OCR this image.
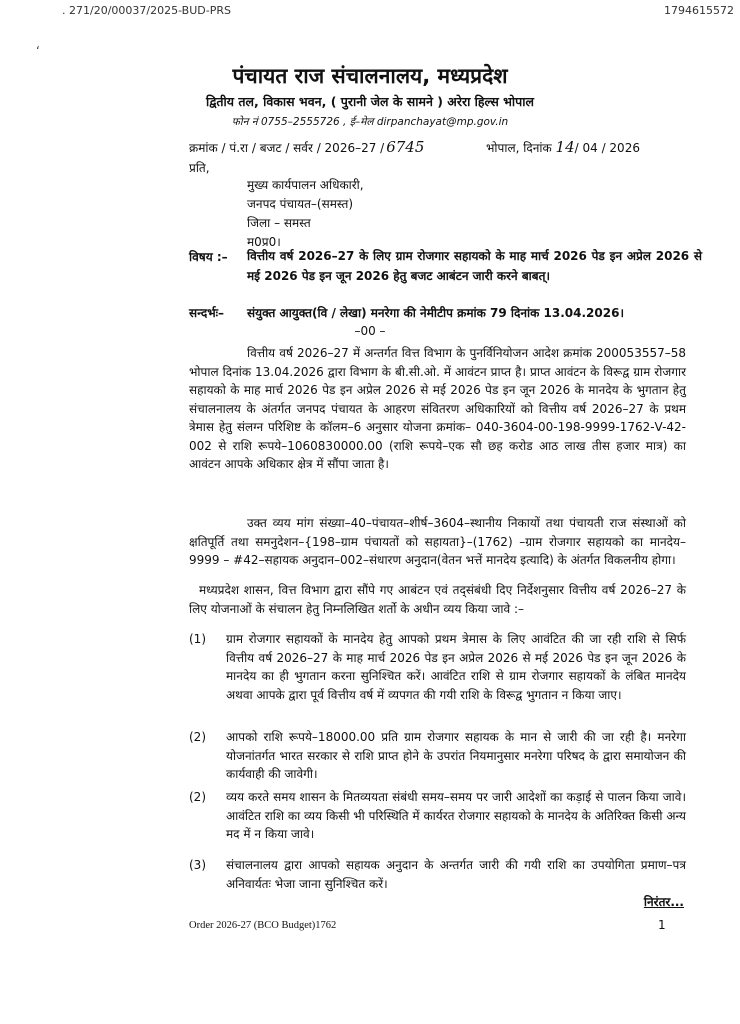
. 271/20/00037/2025-BUD-PRS	1794615572
ʻ
पंचायत राज संचालनालय, मध्यप्रदेश
द्वितीय तल, विकास भवन, ( पुरानी जेल के सामने ) अरेरा हिल्स भोपाल
फोन नं 0755–2555726 , ई–मेल dirpanchayat@mp.gov.in
क्रमांक / पं.रा / बजट / सर्वर / 2026–27 / 6745	भोपाल, दिनांक 14/ 04 / 2026
प्रति,
मुख्य कार्यपालन अधिकारी,
जनपद पंचायत–(समस्त)
जिला – समस्त
म0प्र0।
विषय :– वित्तीय वर्ष 2026–27 के लिए ग्राम रोजगार सहायको के माह मार्च 2026 पेड इन अप्रेल 2026 से मई 2026 पेड इन जून 2026 हेतु बजट आबंटन जारी करने बाबत्।
सन्दर्भः– संयुक्त आयुक्त(वि / लेखा) मनरेगा की नेमीटीप क्रमांक 79 दिनांक 13.04.2026।
–00 –
वित्तीय वर्ष 2026–27 में अन्तर्गत वित्त विभाग के पुनर्विनियोजन आदेश क्रमांक 200053557–58 भोपाल दिनांक 13.04.2026 द्वारा विभाग के बी.सी.ओ. में आवंटन प्राप्त है। प्राप्त आवंटन के विरूद्व ग्राम रोजगार सहायको के माह मार्च 2026 पेड इन अप्रेल 2026 से मई 2026 पेड इन जून 2026 के मानदेय के भुगतान हेतु संचालनालय के अंतर्गत जनपद पंचायत के आहरण संवितरण अधिकारियों को वित्तीय वर्ष 2026–27 के प्रथम त्रेमास हेतु संलग्न परिशिष्ट के कॉलम–6 अनुसार योजना क्रमांक– 040-3604-00-198-9999-1762-V-42-002 से राशि रूपये–1060830000.00 (राशि रूपये–एक सौ छह करोड आठ लाख तीस हजार मात्र) का आवंटन आपके अधिकार क्षेत्र में सौंपा जाता है।
उक्त व्यय मांग संख्या–40–पंचायत–शीर्ष–3604–स्थानीय निकायों तथा पंचायती राज संस्थाओं को क्षतिपूर्ति तथा समनुदेशन–{198–ग्राम पंचायतों को सहायता}–(1762) –ग्राम रोजगार सहायको का मानदेय–9999 – #42–सहायक अनुदान–002–संधारण अनुदान(वेतन भत्तें मानदेय इत्यादि) के अंतर्गत विकलनीय होगा।
मध्यप्रदेश शासन, वित्त विभाग द्वारा सौंपे गए आबंटन एवं तद्संबंधी दिए निर्देशनुसार वित्तीय वर्ष 2026–27 के लिए योजनाओं के संचालन हेतु निम्नलिखित शर्तो के अधीन व्यय किया जावे :–
(1) ग्राम रोजगार सहायकों के मानदेय हेतु आपको प्रथम त्रेमास के लिए आवंटित की जा रही राशि से सिर्फ वित्तीय वर्ष 2026–27 के माह मार्च 2026 पेड इन अप्रेल 2026 से मई 2026 पेड इन जून 2026 के मानदेय का ही भुगतान करना सुनिश्चित करें। आवंटित राशि से ग्राम रोजगार सहायकों के लंबित मानदेय अथवा आपके द्वारा पूर्व वित्तीय वर्ष में व्यपगत की गयी राशि के विरूद्व भुगतान न किया जाए।
(2) आपको राशि रूपये–18000.00 प्रति ग्राम रोजगार सहायक के मान से जारी की जा रही है। मनरेगा योजनांतर्गत भारत सरकार से राशि प्राप्त होने के उपरांत नियमानुसार मनरेगा परिषद के द्वारा समायोजन की कार्यवाही की जावेगी।
(2) व्यय करते समय शासन के मितव्ययता संबंधी समय–समय पर जारी आदेशों का कड़ाई से पालन किया जावे। आवंटित राशि का व्यय किसी भी परिस्थिति में कार्यरत रोजगार सहायको के मानदेय के अतिरिक्त किसी अन्य मद में न किया जावे।
(3) संचालनालय द्वारा आपको सहायक अनुदान के अन्तर्गत जारी की गयी राशि का उपयोगिता प्रमाण–पत्र अनिवार्यतः भेजा जाना सुनिश्चित करें।
निरंतर...
Order 2026-27 (BCO Budget)1762	1
